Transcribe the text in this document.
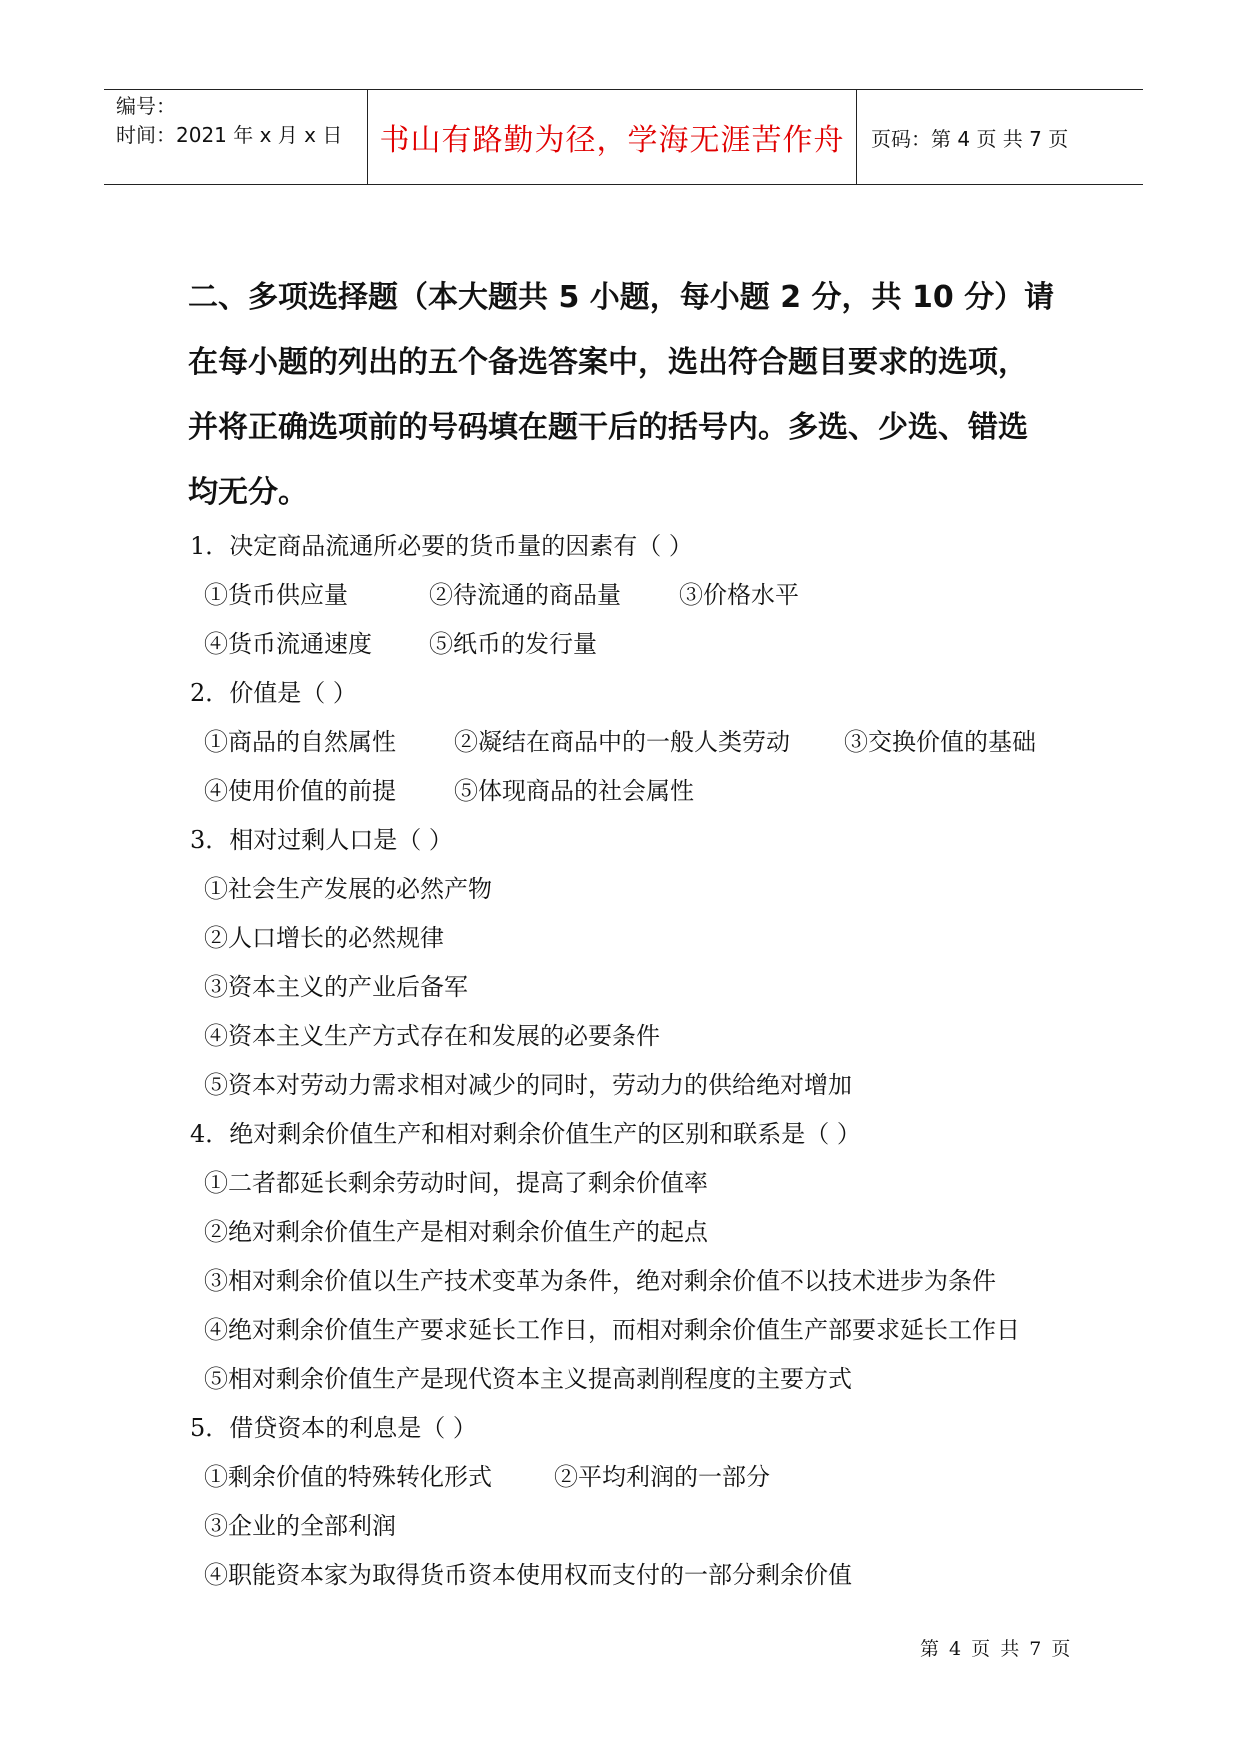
编号：
时间：2021 年 x 月 x 日	书山有路勤为径，学海无涯苦作舟	页码：第 4 页 共 7 页
二、多项选择题（本大题共 5 小题，每小题 2 分，共 10 分）请
在每小题的列出的五个备选答案中，选出符合题目要求的选项，
并将正确选项前的号码填在题干后的括号内。多选、少选、错选
均无分。
1．决定商品流通所必要的货币量的因素有（ ）
①货币供应量	②待流通的商品量 ③价格水平
④货币流通速度 ⑤纸币的发行量
2．价值是（ ）
①商品的自然属性 ②凝结在商品中的一般人类劳动 ③交换价值的基础
④使用价值的前提 ⑤体现商品的社会属性
3．相对过剩人口是（ ）
①社会生产发展的必然产物
②人口增长的必然规律
③资本主义的产业后备军
④资本主义生产方式存在和发展的必要条件
⑤资本对劳动力需求相对减少的同时，劳动力的供给绝对增加
4．绝对剩余价值生产和相对剩余价值生产的区别和联系是（ ）
①二者都延长剩余劳动时间，提高了剩余价值率
②绝对剩余价值生产是相对剩余价值生产的起点
③相对剩余价值以生产技术变革为条件，绝对剩余价值不以技术进步为条件
④绝对剩余价值生产要求延长工作日，而相对剩余价值生产部要求延长工作日
⑤相对剩余价值生产是现代资本主义提高剥削程度的主要方式
5．借贷资本的利息是（ ）
①剩余价值的特殊转化形式	②平均利润的一部分
③企业的全部利润
④职能资本家为取得货币资本使用权而支付的一部分剩余价值
第 4 页 共 7 页
